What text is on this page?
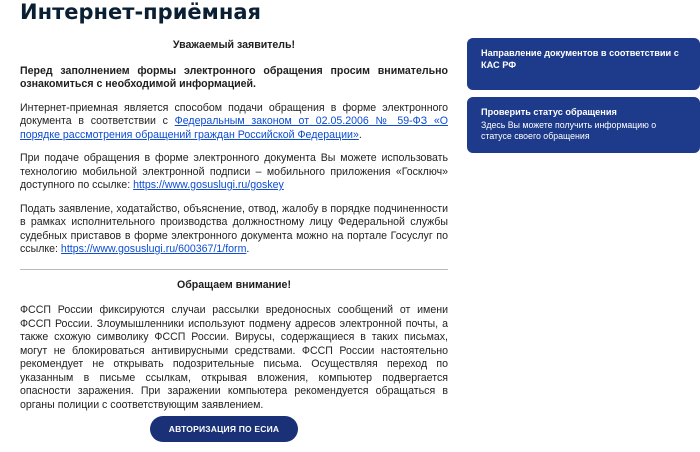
Интернет-приёмная
Уважаемый заявитель!

Перед заполнением формы электронного обращения просим внимательно ознакомиться с необходимой информацией.

Интернет-приемная является способом подачи обращения в форме электронного документа в соответствии с Федеральным законом от 02.05.2006 № 59-ФЗ «О порядке рассмотрения обращений граждан Российской Федерации».

При подаче обращения в форме электронного документа Вы можете использовать технологию мобильной электронной подписи – мобильного приложения «Госключ» доступного по ссылке: https://www.gosuslugi.ru/goskey

Подать заявление, ходатайство, объяснение, отвод, жалобу в порядке подчиненности в рамках исполнительного производства должностному лицу Федеральной службы судебных приставов в форме электронного документа можно на портале Госуслуг по ссылке: https://www.gosuslugi.ru/600367/1/form.

Обращаем внимание!

ФССП России фиксируются случаи рассылки вредоносных сообщений от имени ФССП России. Злоумышленники используют подмену адресов электронной почты, а также схожую символику ФССП России. Вирусы, содержащиеся в таких письмах, могут не блокироваться антивирусными средствами. ФССП России настоятельно рекомендует не открывать подозрительные письма. Осуществляя переход по указанным в письме ссылкам, открывая вложения, компьютер подвергается опасности заражения. При заражении компьютера рекомендуется обращаться в органы полиции с соответствующим заявлением.

АВТОРИЗАЦИЯ ПО ЕСИА
Направление документов в соответствии с КАС РФ
Проверить статус обращения
Здесь Вы можете получить информацию о статусе своего обращения
